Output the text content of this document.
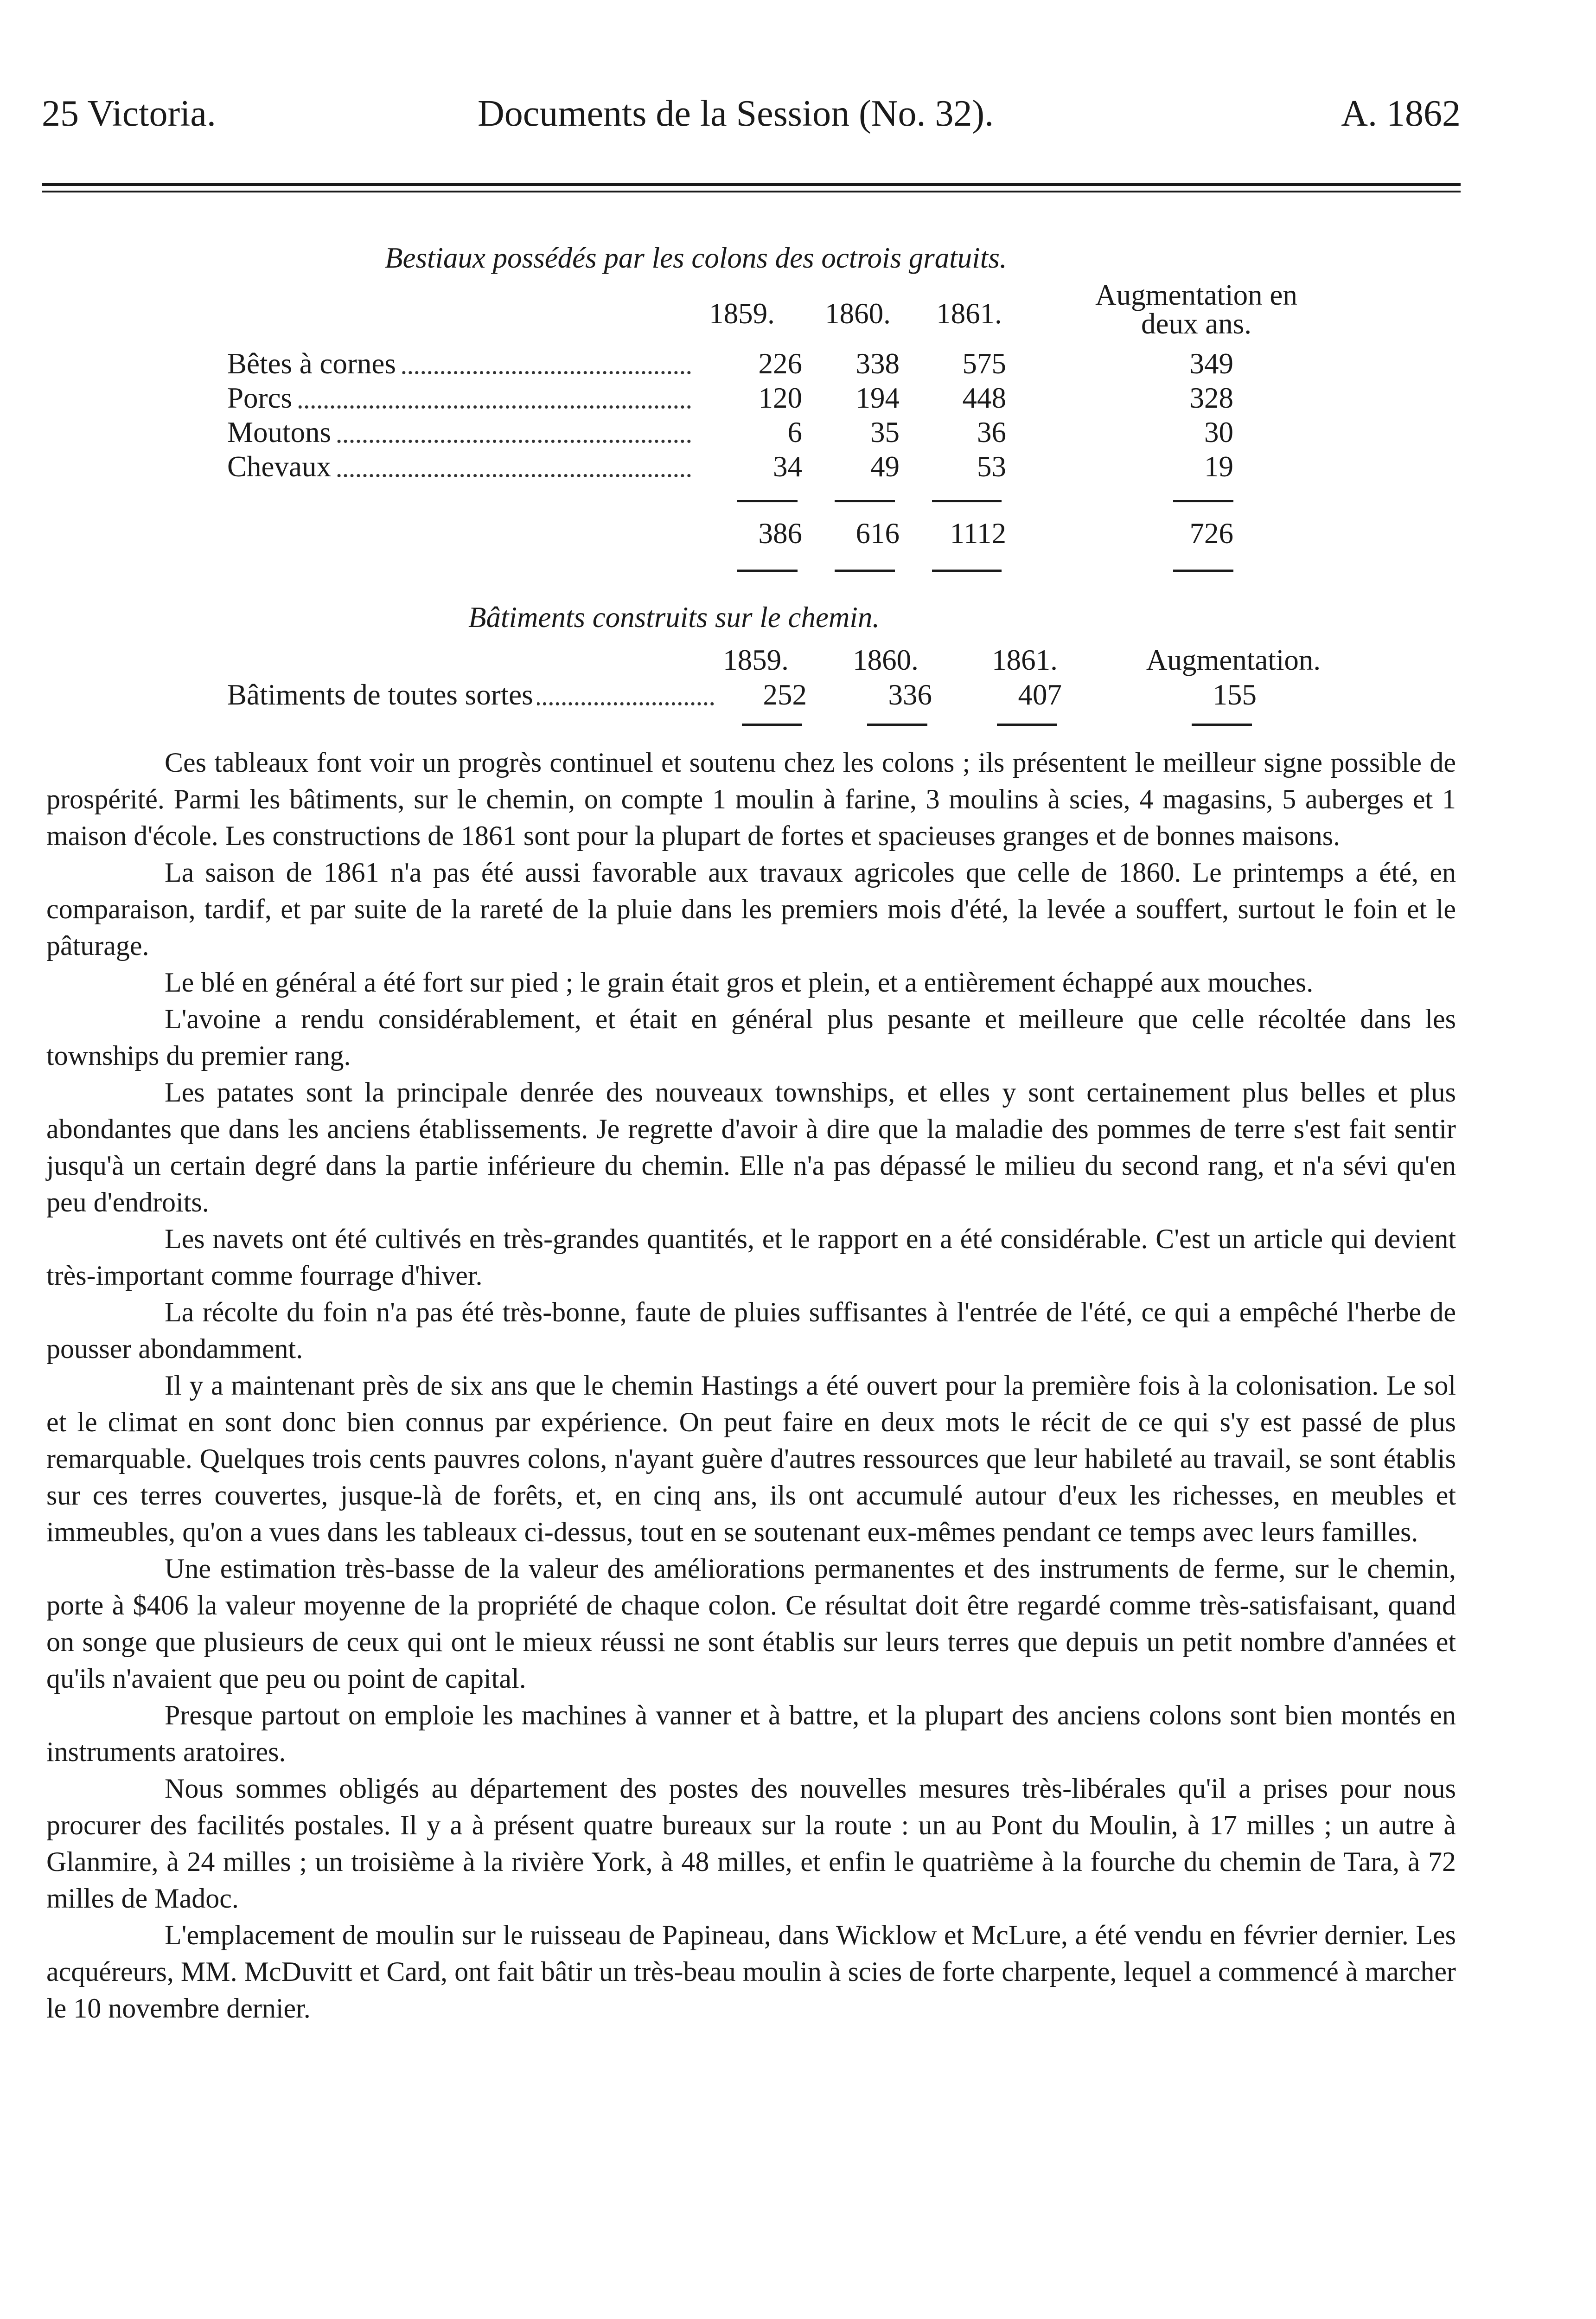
25 Victoria.	Documents de la Session (No. 32).	A. 1862
Bestiaux possédés par les colons des octrois gratuits.
1859.	1860.	1861.
Augmentation en
deux ans.
Bêtes à cornes	226	338	575	349
Porcs	120	194	448	328
Moutons	6	35	36	30
Chevaux	34	49	53	19
386	616	1112	726
Bâtiments construits sur le chemin.
1859.	1860.	1861.	Augmentation.
Bâtiments de toutes sortes	252	336	407	155

Ces tableaux font voir un progrès continuel et soutenu chez les colons ; ils présentent le meilleur signe possible de prospérité. Parmi les bâtiments, sur le chemin, on compte 1 moulin à farine, 3 moulins à scies, 4 magasins, 5 auberges et 1 maison d'école. Les constructions de 1861 sont pour la plupart de fortes et spacieuses granges et de bonnes maisons.

La saison de 1861 n'a pas été aussi favorable aux travaux agricoles que celle de 1860. Le printemps a été, en comparaison, tardif, et par suite de la rareté de la pluie dans les premiers mois d'été, la levée a souffert, surtout le foin et le pâturage.

Le blé en général a été fort sur pied ; le grain était gros et plein, et a entièrement échappé aux mouches.

L'avoine a rendu considérablement, et était en général plus pesante et meilleure que celle récoltée dans les townships du premier rang.

Les patates sont la principale denrée des nouveaux townships, et elles y sont certainement plus belles et plus abondantes que dans les anciens établissements. Je regrette d'avoir à dire que la maladie des pommes de terre s'est fait sentir jusqu'à un certain degré dans la partie inférieure du chemin. Elle n'a pas dépassé le milieu du second rang, et n'a sévi qu'en peu d'endroits.

Les navets ont été cultivés en très-grandes quantités, et le rapport en a été considérable. C'est un article qui devient très-important comme fourrage d'hiver.

La récolte du foin n'a pas été très-bonne, faute de pluies suffisantes à l'entrée de l'été, ce qui a empêché l'herbe de pousser abondamment.

Il y a maintenant près de six ans que le chemin Hastings a été ouvert pour la première fois à la colonisation. Le sol et le climat en sont donc bien connus par expérience. On peut faire en deux mots le récit de ce qui s'y est passé de plus remarquable. Quelques trois cents pauvres colons, n'ayant guère d'autres ressources que leur habileté au travail, se sont établis sur ces terres couvertes, jusque-là de forêts, et, en cinq ans, ils ont accumulé autour d'eux les richesses, en meubles et immeubles, qu'on a vues dans les tableaux ci-dessus, tout en se soutenant eux-mêmes pendant ce temps avec leurs familles.

Une estimation très-basse de la valeur des améliorations permanentes et des instruments de ferme, sur le chemin, porte à $406 la valeur moyenne de la propriété de chaque colon. Ce résultat doit être regardé comme très-satisfaisant, quand on songe que plusieurs de ceux qui ont le mieux réussi ne sont établis sur leurs terres que depuis un petit nombre d'années et qu'ils n'avaient que peu ou point de capital.

Presque partout on emploie les machines à vanner et à battre, et la plupart des anciens colons sont bien montés en instruments aratoires.

Nous sommes obligés au département des postes des nouvelles mesures très-libérales qu'il a prises pour nous procurer des facilités postales. Il y a à présent quatre bureaux sur la route : un au Pont du Moulin, à 17 milles ; un autre à Glanmire, à 24 milles ; un troisième à la rivière York, à 48 milles, et enfin le quatrième à la fourche du chemin de Tara, à 72 milles de Madoc.

L'emplacement de moulin sur le ruisseau de Papineau, dans Wicklow et McLure, a été vendu en février dernier. Les acquéreurs, MM. McDuvitt et Card, ont fait bâtir un très-beau moulin à scies de forte charpente, lequel a commencé à marcher le 10 novembre dernier.
